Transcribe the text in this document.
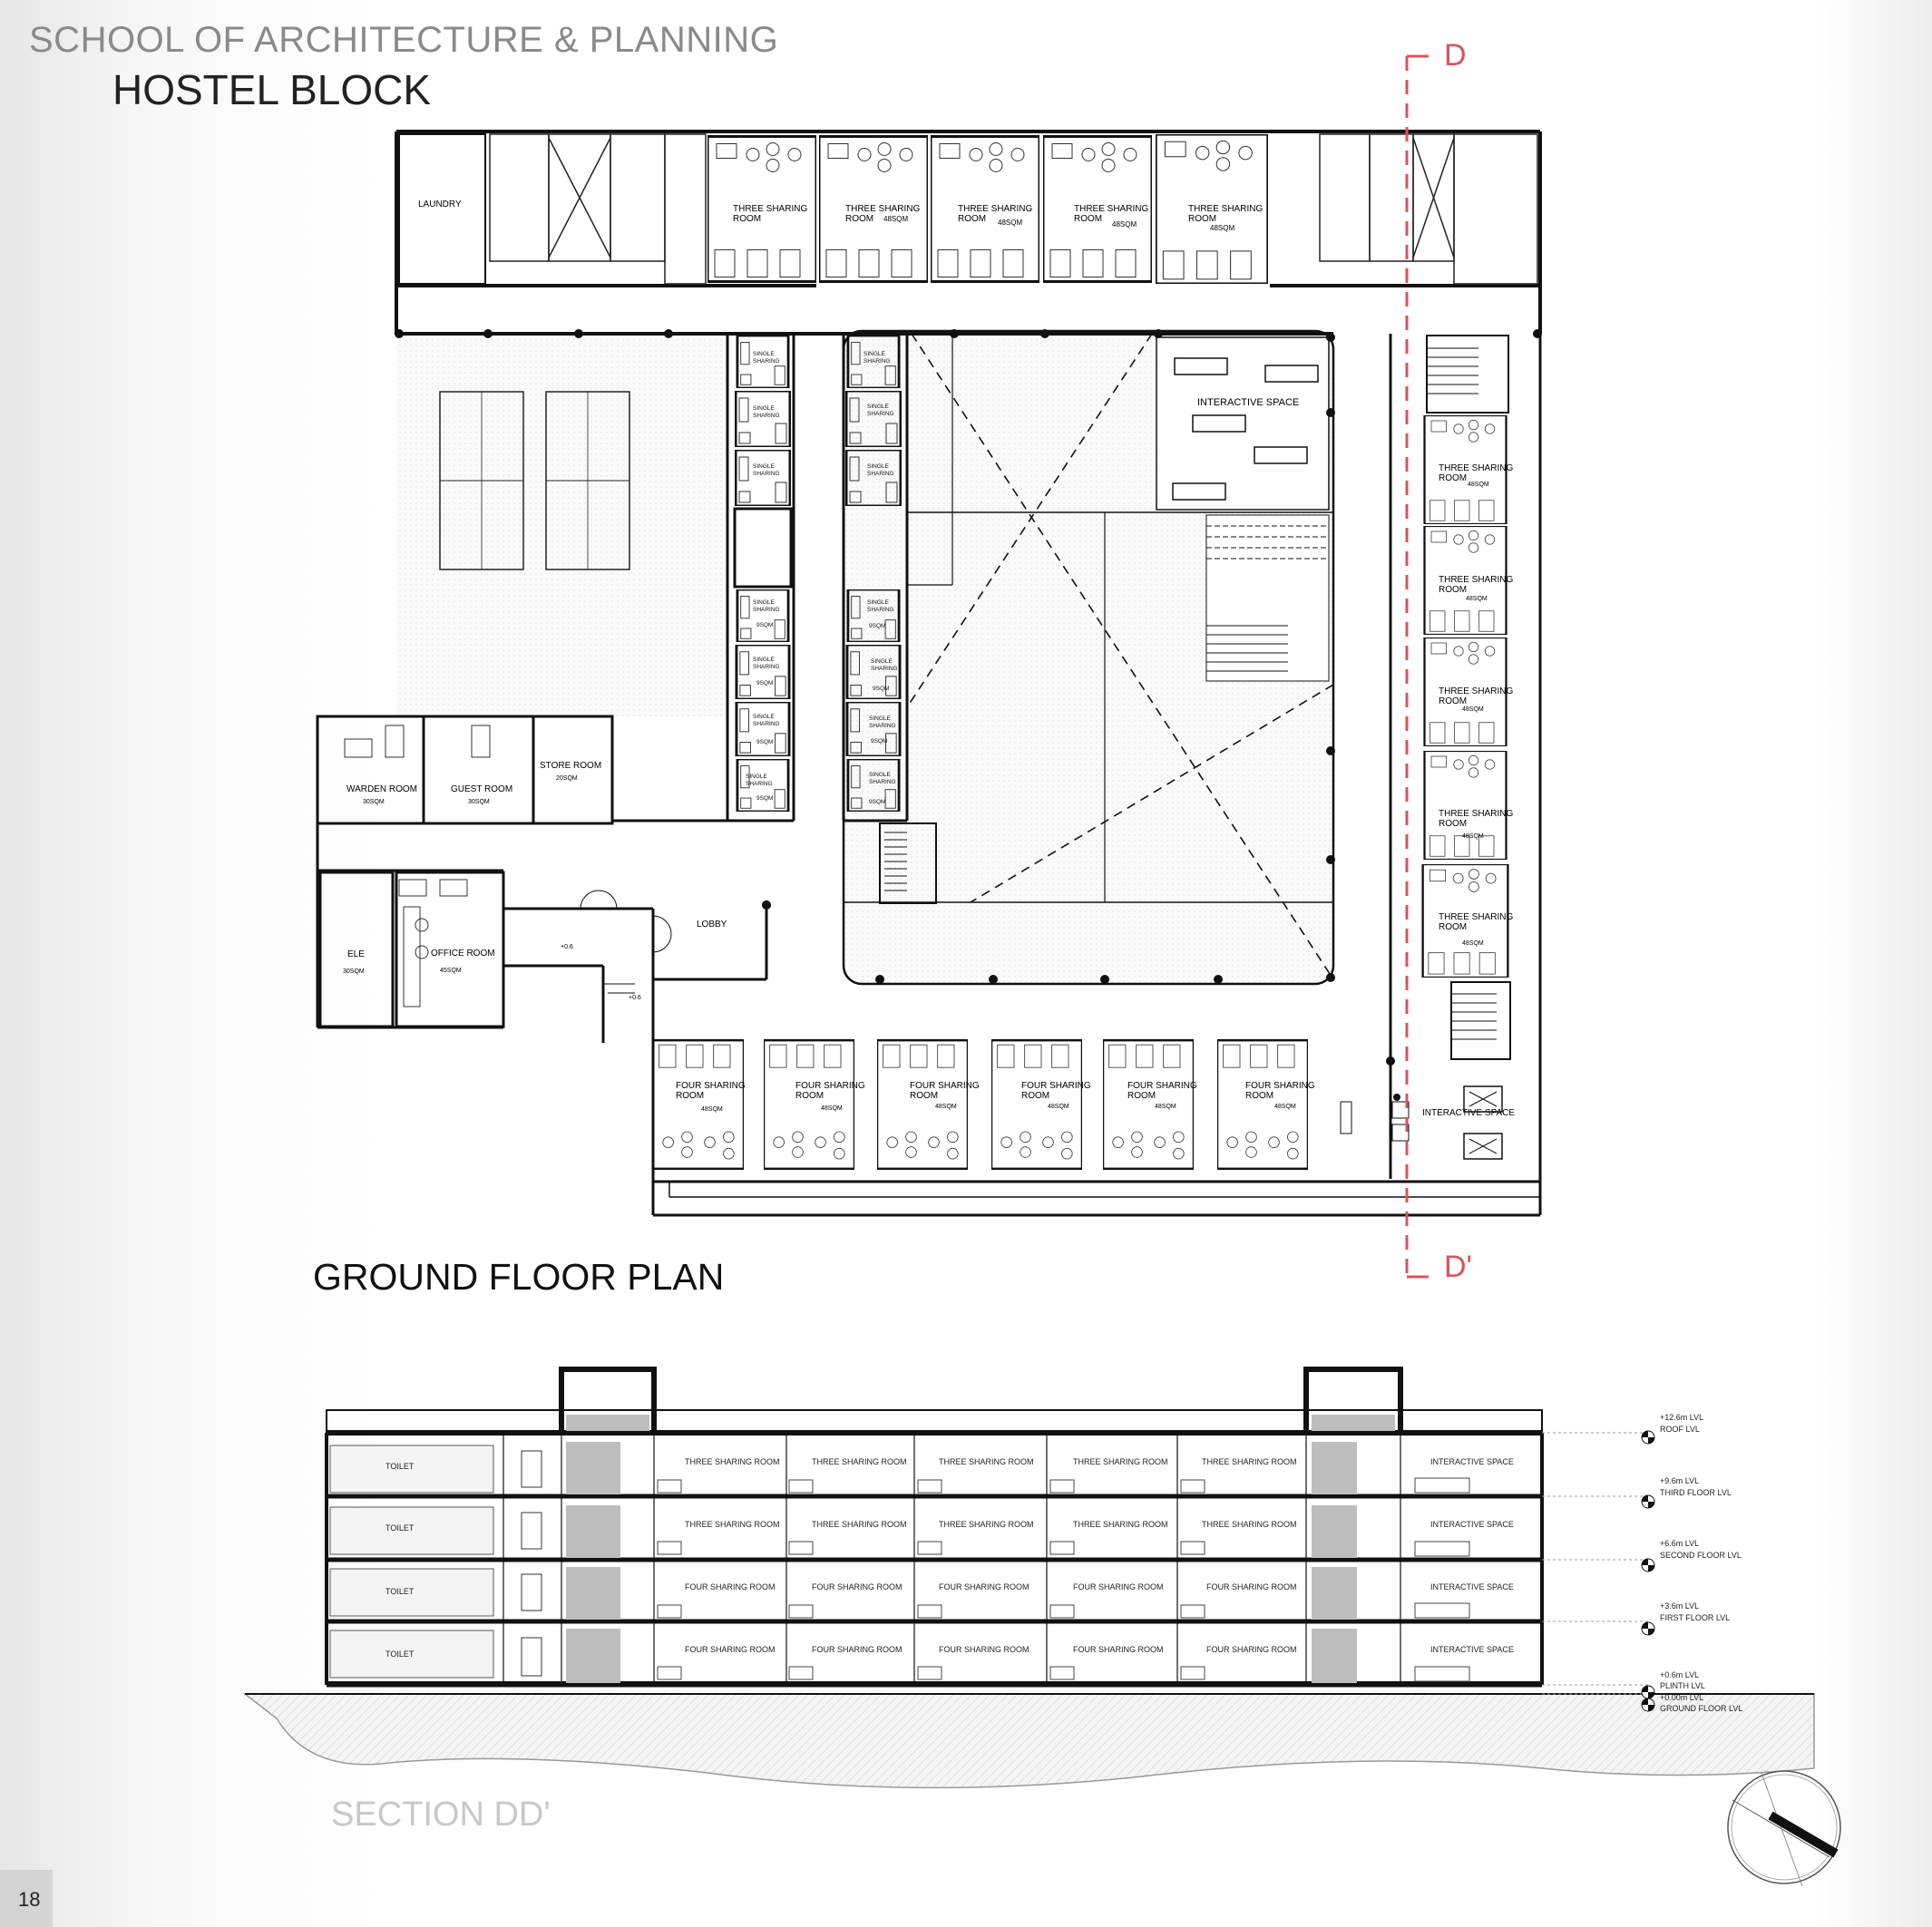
SCHOOL OF ARCHITECTURE & PLANNING
HOSTEL BLOCK
INTERACTIVE SPACE
LAUNDRY	THREE SHARING
ROOM
THREE SHARING
ROOM 48SQM
THREE SHARING
ROOM 48SQM
THREE SHARING
ROOM
48SQM
THREE SHARING
ROOM
48SQM
SINGLE
SHARING
SINGLE
SHARING
SINGLE
SHARING
SINGLE
SHARING
9SQM
SINGLE
SHARING
9SQM
SINGLE
SHARING
9SQM
SINGLE
SHARING
9SQM
SINGLE
SHARING
SINGLE
SHARING
SINGLE
SHARING
SINGLE
SHARING
9SQM
SINGLE
SHARING
9SQM
SINGLE
SHARING
9SQM
SINGLE
SHARING
9SQM
WARDEN ROOM
30SQM
GUEST ROOM
30SQM
STORE ROOM
20SQM
ELE
30SQM
OFFICE ROOM
45SQM
LOBBY
+0.6
+0.6
THREE SHARING
ROOM
48SQM
THREE SHARING
ROOM
48SQM
THREE SHARING
ROOM
48SQM
THREE SHARING
ROOM
48SQM
THREE SHARING
ROOM
48SQM
FOUR SHARING
ROOM
48SQM
FOUR SHARING
ROOM
48SQM
FOUR SHARING
ROOM
48SQM
FOUR SHARING
ROOM
48SQM
FOUR SHARING
ROOM
48SQM
FOUR SHARING
ROOM
48SQM
INTERACTIVE SPACE
D
D'
GROUND FLOOR PLAN
TOILET
TOILET
TOILET
TOILET
THREE SHARING ROOM	THREE SHARING ROOM	THREE SHARING ROOM	THREE SHARING ROOM	THREE SHARING ROOM	INTERACTIVE SPACE
THREE SHARING ROOM	THREE SHARING ROOM	THREE SHARING ROOM	THREE SHARING ROOM	THREE SHARING ROOM	INTERACTIVE SPACE
FOUR SHARING ROOM	FOUR SHARING ROOM	FOUR SHARING ROOM	FOUR SHARING ROOM	FOUR SHARING ROOM	INTERACTIVE SPACE
FOUR SHARING ROOM	FOUR SHARING ROOM	FOUR SHARING ROOM	FOUR SHARING ROOM	FOUR SHARING ROOM	INTERACTIVE SPACE
+12.6m LVL
ROOF LVL
+9.6m LVL
THIRD FLOOR LVL
+6.6m LVL
SECOND FLOOR LVL
+3.6m LVL
FIRST FLOOR LVL
+0.6m LVL
PLINTH LVL
+0.00m LVL
GROUND FLOOR LVL
SECTION DD'
18
